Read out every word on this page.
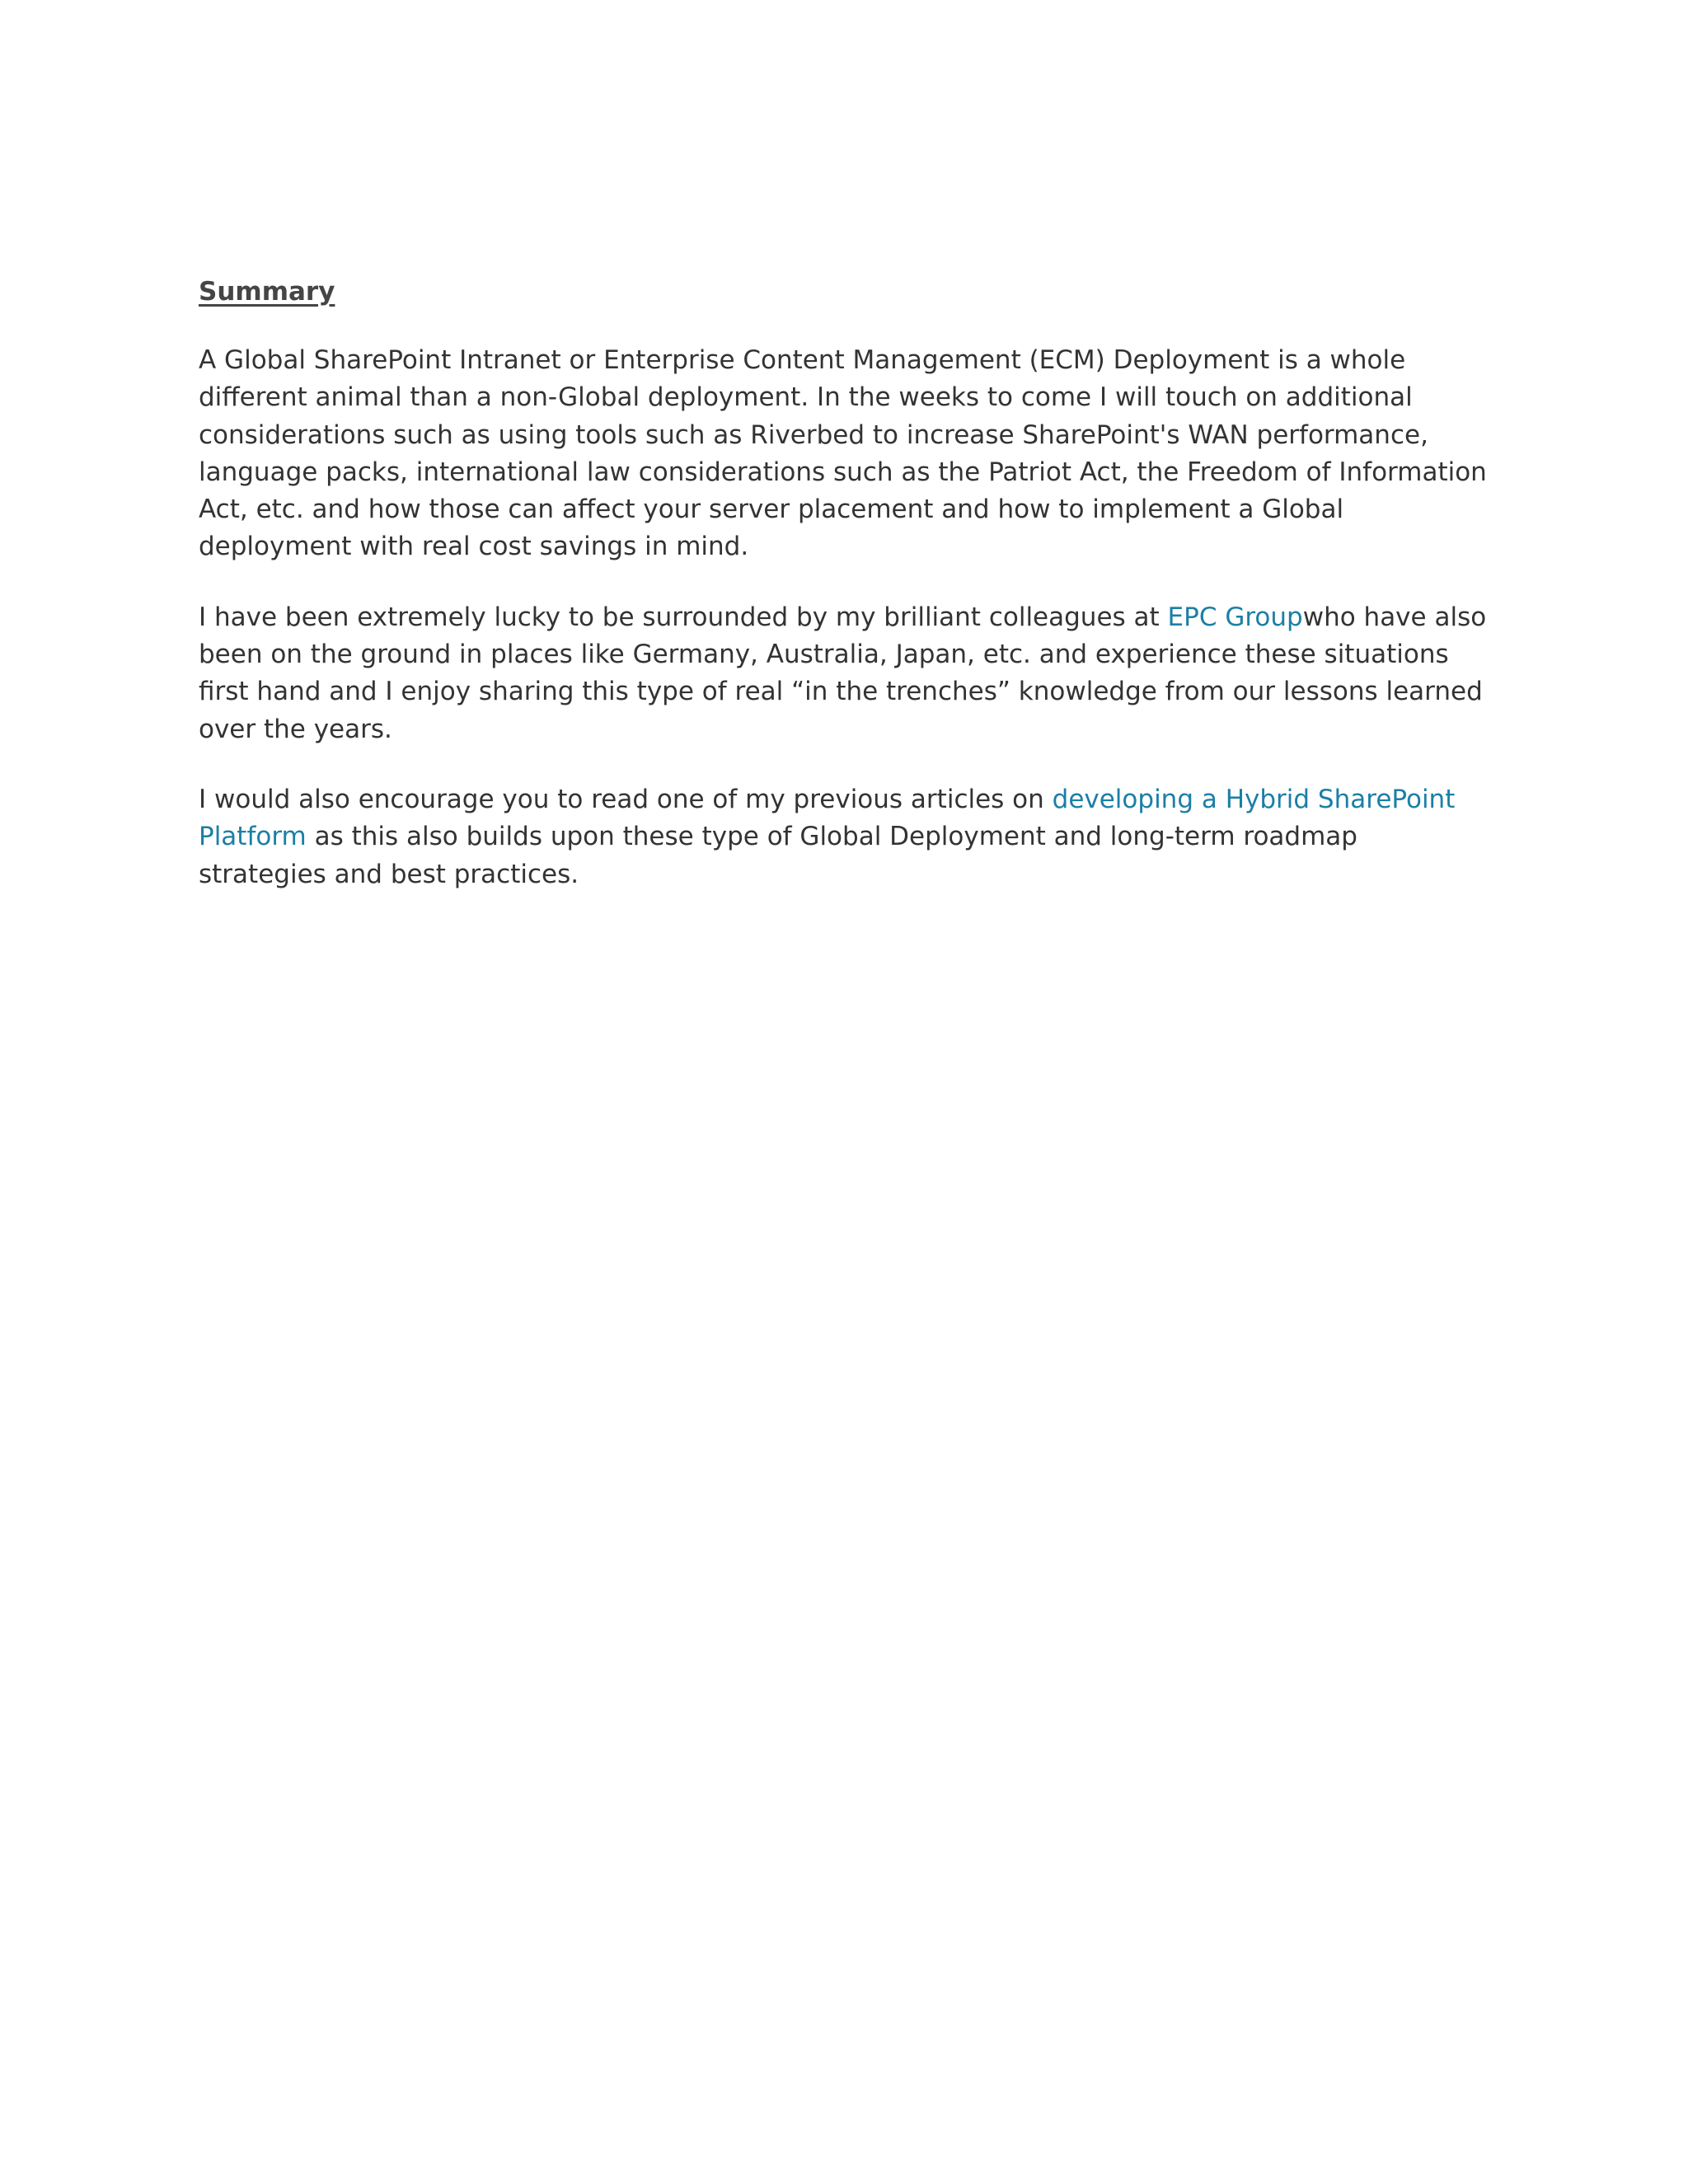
Summary

A Global SharePoint Intranet or Enterprise Content Management (ECM) Deployment is a whole different animal than a non-Global deployment. In the weeks to come I will touch on additional considerations such as using tools such as Riverbed to increase SharePoint's WAN performance, language packs, international law considerations such as the Patriot Act, the Freedom of Information Act, etc. and how those can affect your server placement and how to implement a Global deployment with real cost savings in mind.

I have been extremely lucky to be surrounded by my brilliant colleagues at EPC Groupwho have also been on the ground in places like Germany, Australia, Japan, etc. and experience these situations first hand and I enjoy sharing this type of real “in the trenches” knowledge from our lessons learned over the years.

I would also encourage you to read one of my previous articles on developing a Hybrid SharePoint Platform as this also builds upon these type of Global Deployment and long-term roadmap strategies and best practices.
